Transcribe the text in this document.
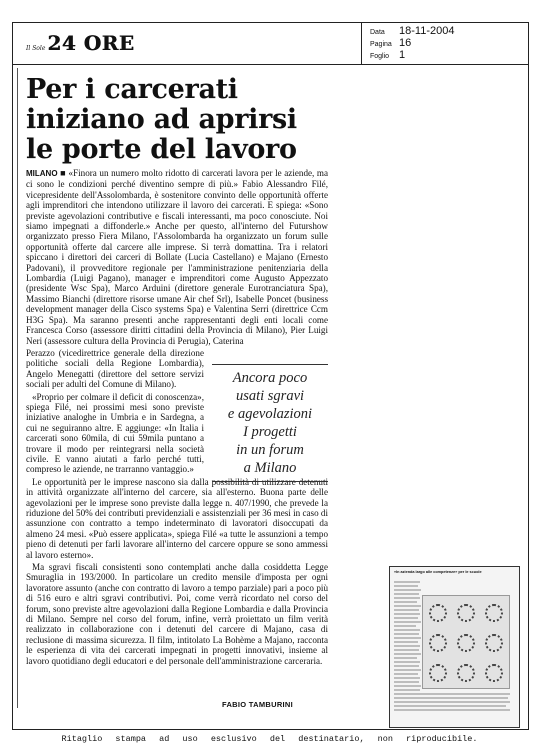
Il Sole 24 ORE	Data	18-11-2004
Pagina 16
Foglio 1
Per i carcerati
iniziano ad aprirsi
le porte del lavoro

MILANO ■ «Finora un numero molto ridotto di carcerati lavora per le aziende, ma ci sono le condizioni perché diventino sempre di più.» Fabio Alessandro Filé, vicepresidente dell'Assolombarda, è sostenitore convinto delle opportunità offerte agli imprenditori che intendono utilizzare il lavoro dei carcerati. E spiega: «Sono previste agevolazioni contributive e fiscali interessanti, ma poco conosciute. Noi siamo impegnati a diffonderle.» Anche per questo, all'interno del Futurshow organizzato presso Fiera Milano, l'Assolombarda ha organizzato un forum sulle opportunità offerte dal carcere alle imprese. Si terrà domattina. Tra i relatori spiccano i direttori dei carceri di Bollate (Lucia Castellano) e Majano (Ernesto Padovani), il provveditore regionale per l'amministrazione penitenziaria della Lombardia (Luigi Pagano), manager e imprenditori come Augusto Appezzato (presidente Wsc Spa), Marco Arduini (direttore generale Eurotranciatura Spa), Massimo Bianchi (direttore risorse umane Air chef Srl), Isabelle Poncet (business development manager della Cisco systems Spa) e Valentina Serri (direttrice Ccm H3G Spa). Ma saranno presenti anche rappresentanti degli enti locali come Francesca Corso (assessore diritti cittadini della Provincia di Milano), Pier Luigi Neri (assessore cultura della Provincia di Perugia), Caterina

Perazzo (vicedirettrice generale della direzione politiche sociali della Regione Lombardia), Angelo Menegatti (direttore del settore servizi sociali per adulti del Comune di Milano).

«Proprio per colmare il deficit di conoscenza», spiega Filé, nei prossimi mesi sono previste iniziative analoghe in Umbria e in Sardegna, a cui ne seguiranno altre. E aggiunge: «In Italia i carcerati sono 60mila, di cui 59mila puntano a trovare il modo per reintegrarsi nella società civile. E vanno aiutati a farlo perché tutti, compreso le aziende, ne trarranno vantaggio.»

Le opportunità per le imprese nascono sia dalla possibilità di utilizzare detenuti in attività organizzate all'interno del carcere, sia all'esterno. Buona parte delle agevolazioni per le imprese sono previste dalla legge n. 407/1990, che prevede la riduzione del 50% dei contributi previdenziali e assistenziali per 36 mesi in caso di assunzione con contratto a tempo indeterminato di lavoratori disoccupati da almeno 24 mesi. «Può essere applicata», spiega Filé «a tutte le assunzioni a tempo pieno di detenuti per farli lavorare all'interno del carcere oppure se sono ammessi al lavoro esterno».

Ma sgravi fiscali consistenti sono contemplati anche dalla cosiddetta Legge Smuraglia in 193/2000. In particolare un credito mensile d'imposta per ogni lavoratore assunto (anche con contratto di lavoro a tempo parziale) pari a poco più di 516 euro e altri sgravi contributivi. Poi, come verrà ricordato nel corso del forum, sono previste altre agevolazioni dalla Regione Lombardia e dalla Provincia di Milano. Sempre nel corso del forum, infine, verrà proiettato un film verità realizzato in collaborazione con i detenuti del carcere di Majano, casa di reclusione di massima sicurezza. Il film, intitolato La Bohème a Majano, racconta le esperienza di vita dei carcerati impegnati in progetti innovativi, insieme al lavoro quotidiano degli educatori e del personale dell'amministrazione carceraria.

FABIO TAMBURINI
Ancora poco
usati sgravi
e agevolazioni
I progetti
in un forum
a Milano
«In azienda largo alle competenze» per le scuole
Ritaglio stampa ad uso esclusivo del destinatario, non riproducibile.
